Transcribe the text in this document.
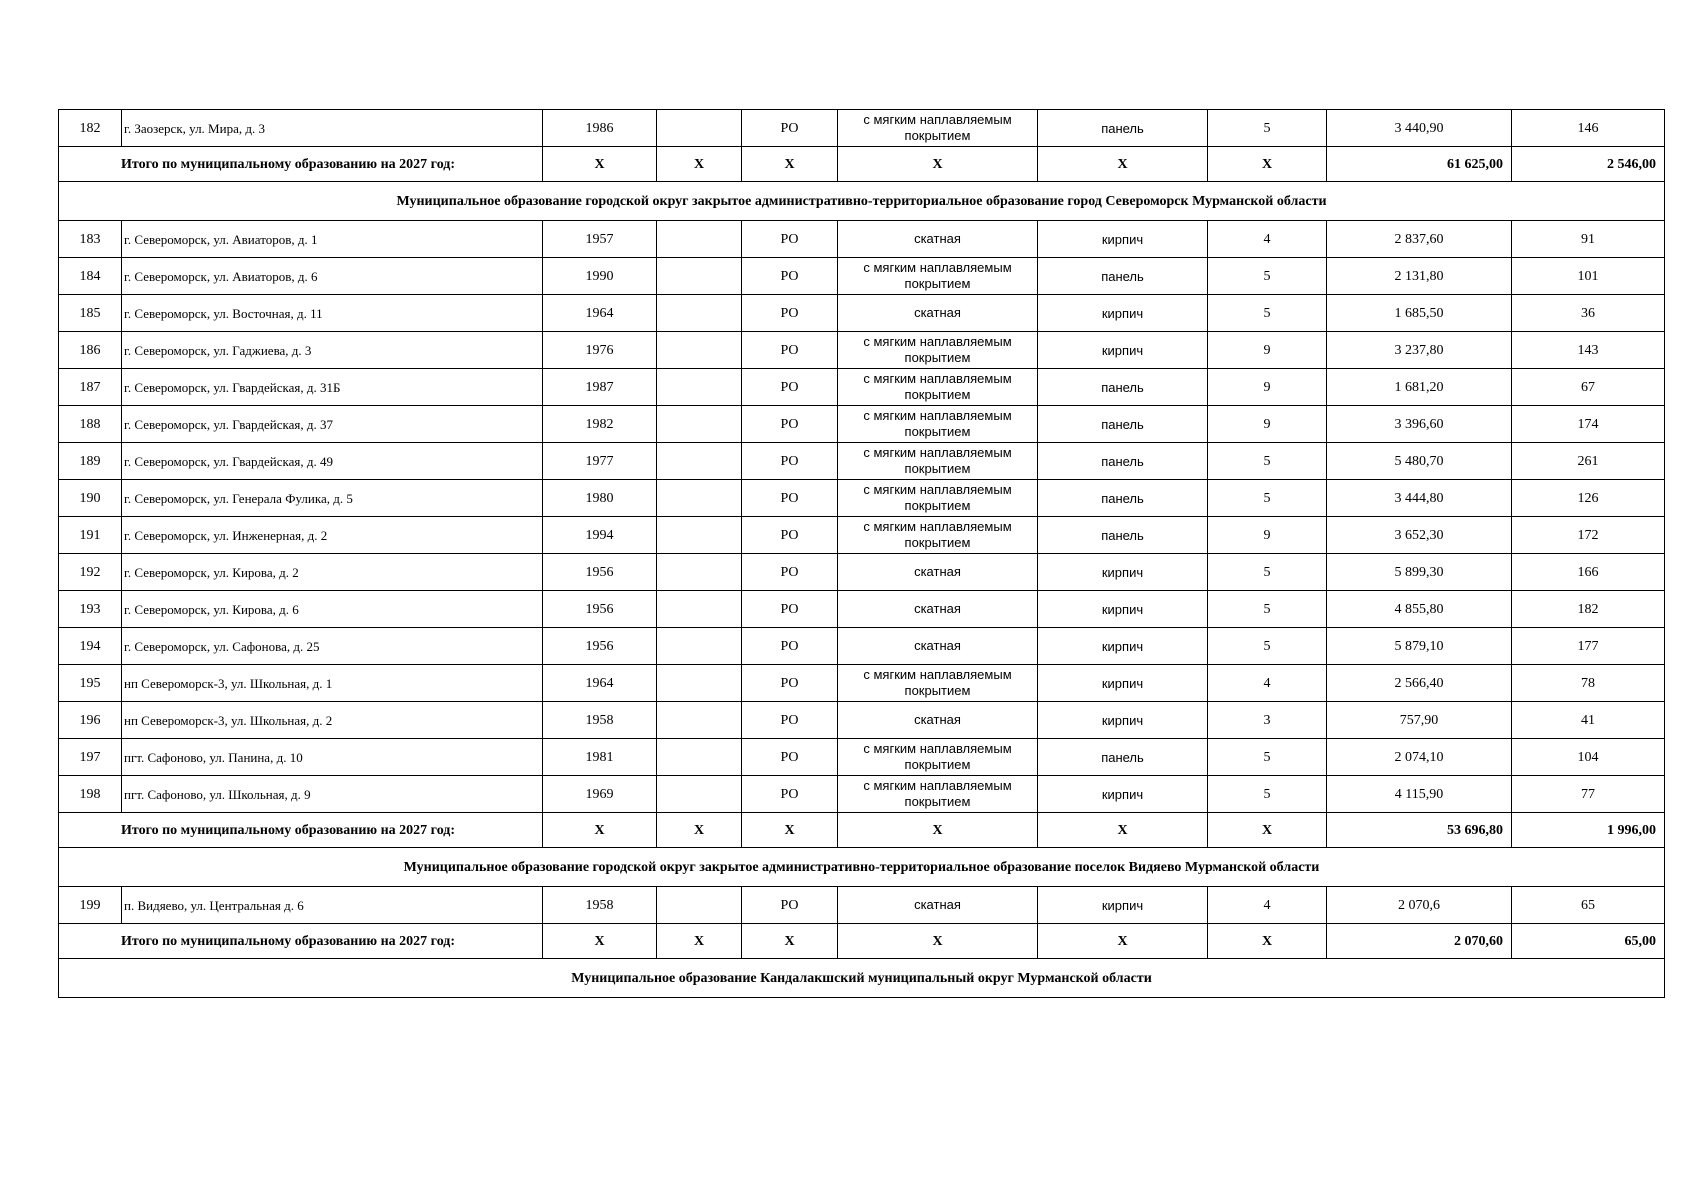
182	г. Заозерск, ул. Мира, д. 3	1986		РО	с мягким наплавляемым покрытием	панель	5	3 440,90	146
Итого по муниципальному образованию на 2027 год:		X	X	X	X	X	X	61 625,00	2 546,00
Муниципальное образование городской округ закрытое административно-территориальное образование город Североморск Мурманской области									
183	г. Североморск, ул. Авиаторов, д. 1	1957		РО	скатная	кирпич	4	2 837,60	91
184	г. Североморск, ул. Авиаторов, д. 6	1990		РО	с мягким наплавляемым покрытием	панель	5	2 131,80	101
185	г. Североморск, ул. Восточная, д. 11	1964		РО	скатная	кирпич	5	1 685,50	36
186	г. Североморск, ул. Гаджиева, д. 3	1976		РО	с мягким наплавляемым покрытием	кирпич	9	3 237,80	143
187	г. Североморск, ул. Гвардейская, д. 31Б	1987		РО	с мягким наплавляемым покрытием	панель	9	1 681,20	67
188	г. Североморск, ул. Гвардейская, д. 37	1982		РО	с мягким наплавляемым покрытием	панель	9	3 396,60	174
189	г. Североморск, ул. Гвардейская, д. 49	1977		РО	с мягким наплавляемым покрытием	панель	5	5 480,70	261
190	г. Североморск, ул. Генерала Фулика, д. 5	1980		РО	с мягким наплавляемым покрытием	панель	5	3 444,80	126
191	г. Североморск, ул. Инженерная, д. 2	1994		РО	с мягким наплавляемым покрытием	панель	9	3 652,30	172
192	г. Североморск, ул. Кирова, д. 2	1956		РО	скатная	кирпич	5	5 899,30	166
193	г. Североморск, ул. Кирова, д. 6	1956		РО	скатная	кирпич	5	4 855,80	182
194	г. Североморск, ул. Сафонова, д. 25	1956		РО	скатная	кирпич	5	5 879,10	177
195	нп Североморск-3, ул. Школьная, д. 1	1964		РО	с мягким наплавляемым покрытием	кирпич	4	2 566,40	78
196	нп Североморск-3, ул. Школьная, д. 2	1958		РО	скатная	кирпич	3	757,90	41
197	пгт. Сафоново, ул. Панина, д. 10	1981		РО	с мягким наплавляемым покрытием	панель	5	2 074,10	104
198	пгт. Сафоново, ул. Школьная, д. 9	1969		РО	с мягким наплавляемым покрытием	кирпич	5	4 115,90	77
Итого по муниципальному образованию на 2027 год:		X	X	X	X	X	X	53 696,80	1 996,00
Муниципальное образование городской округ закрытое административно-территориальное образование поселок Видяево Мурманской области									
199	п. Видяево, ул. Центральная д. 6	1958		РО	скатная	кирпич	4	2 070,6	65
Итого по муниципальному образованию на 2027 год:		X	X	X	X	X	X	2 070,60	65,00
Муниципальное образование Кандалакшский муниципальный округ Мурманской области									
